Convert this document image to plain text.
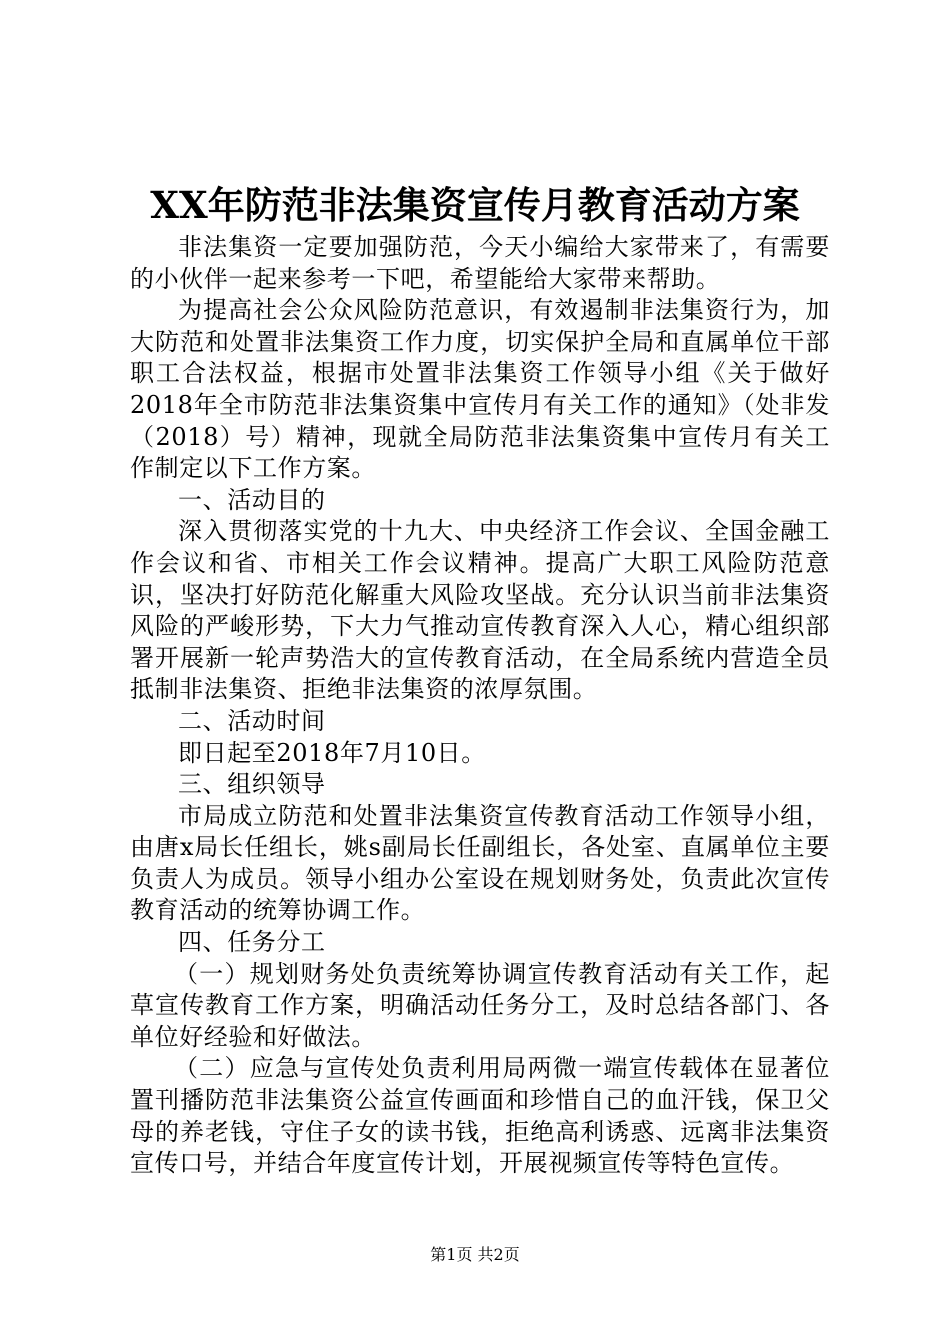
XX年防范非法集资宣传月教育活动方案

非法集资一定要加强防范，今天小编给大家带来了，有需要的小伙伴一起来参考一下吧，希望能给大家带来帮助。

为提高社会公众风险防范意识，有效遏制非法集资行为，加大防范和处置非法集资工作力度，切实保护全局和直属单位干部职工合法权益，根据市处置非法集资工作领导小组《关于做好2018年全市防范非法集资集中宣传月有关工作的通知》（处非发（2018）号）精神，现就全局防范非法集资集中宣传月有关工作制定以下工作方案。

一、活动目的

深入贯彻落实党的十九大、中央经济工作会议、全国金融工作会议和省、市相关工作会议精神。提高广大职工风险防范意识，坚决打好防范化解重大风险攻坚战。充分认识当前非法集资风险的严峻形势，下大力气推动宣传教育深入人心，精心组织部署开展新一轮声势浩大的宣传教育活动，在全局系统内营造全员抵制非法集资、拒绝非法集资的浓厚氛围。

二、活动时间

即日起至2018年7月10日。

三、组织领导

市局成立防范和处置非法集资宣传教育活动工作领导小组，由唐x局长任组长，姚s副局长任副组长，各处室、直属单位主要负责人为成员。领导小组办公室设在规划财务处，负责此次宣传教育活动的统筹协调工作。

四、任务分工

（一）规划财务处负责统筹协调宣传教育活动有关工作，起草宣传教育工作方案，明确活动任务分工，及时总结各部门、各单位好经验和好做法。

（二）应急与宣传处负责利用局两微一端宣传载体在显著位置刊播防范非法集资公益宣传画面和珍惜自己的血汗钱，保卫父母的养老钱，守住子女的读书钱，拒绝高利诱惑、远离非法集资宣传口号，并结合年度宣传计划，开展视频宣传等特色宣传。

第1页 共2页
